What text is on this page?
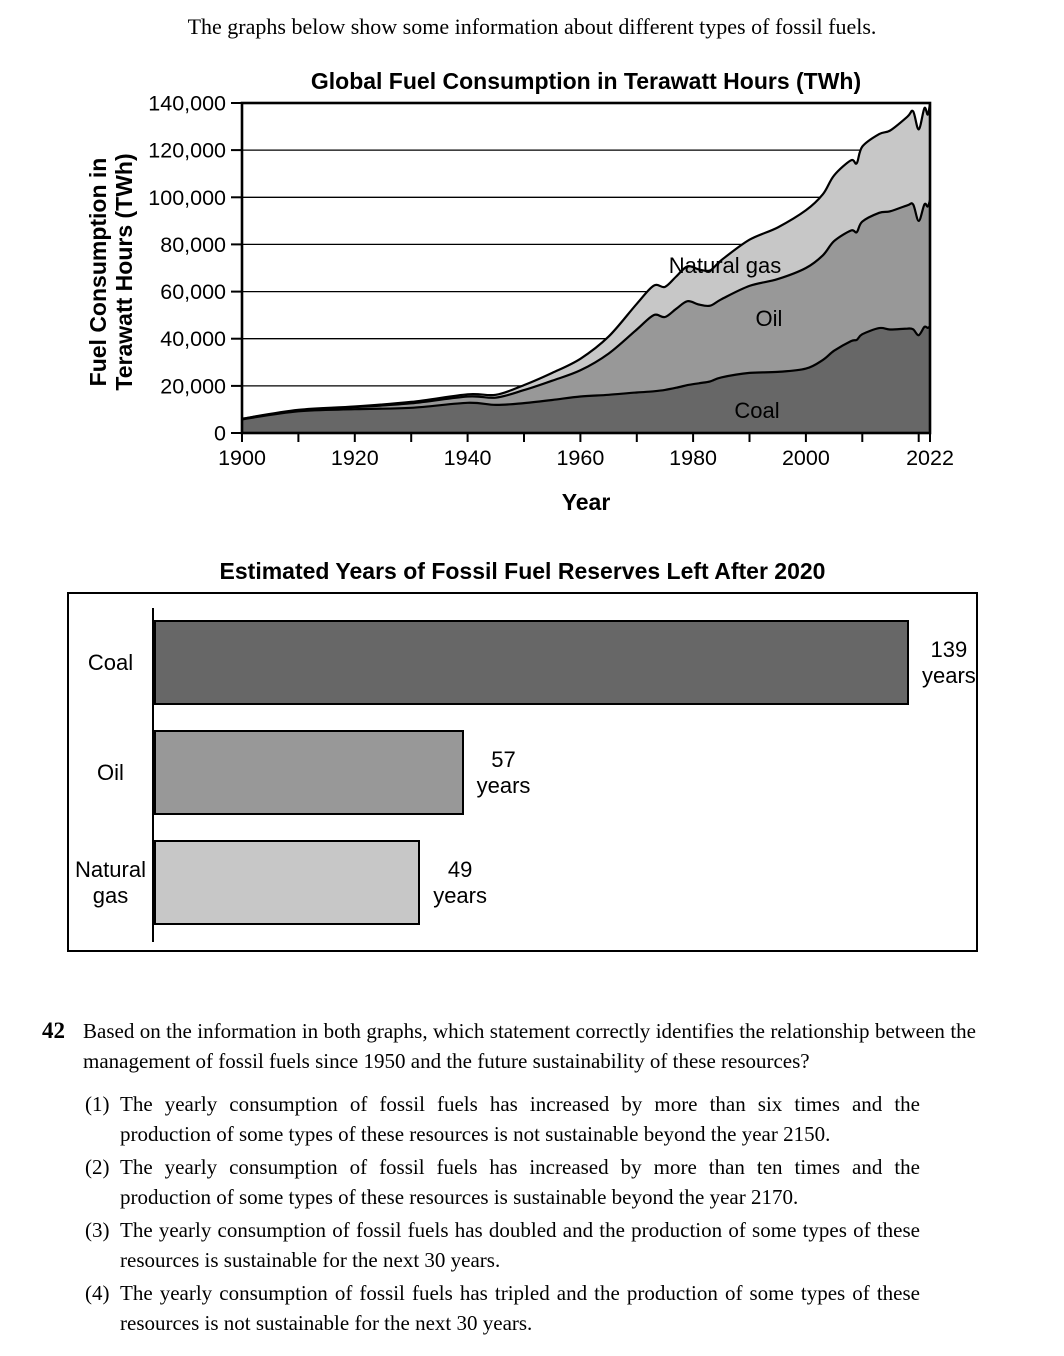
The graphs below show some information about different types of fossil fuels.
Global Fuel Consumption in Terawatt Hours (TWh)
Fuel Consumption in Terawatt Hours (TWh)
0
20,000
40,000
60,000
80,000
100,000
120,000
140,000
1900	1920	1940	1960	1980	2000	2022
Natural gas
Oil
Coal
Year
Estimated Years of Fossil Fuel Reserves Left After 2020
Coal
139
years
Oil
57
years
Natural gas
49
years
42 Based on the information in both graphs, which statement correctly identifies the relationship between the management of fossil fuels since 1950 and the future sustainability of these resources?
(1) The yearly consumption of fossil fuels has increased by more than six times and the production of some types of these resources is not sustainable beyond the year 2150.
(2) The yearly consumption of fossil fuels has increased by more than ten times and the production of some types of these resources is sustainable beyond the year 2170.
(3) The yearly consumption of fossil fuels has doubled and the production of some types of these resources is sustainable for the next 30 years.
(4) The yearly consumption of fossil fuels has tripled and the production of some types of these resources is not sustainable for the next 30 years.
